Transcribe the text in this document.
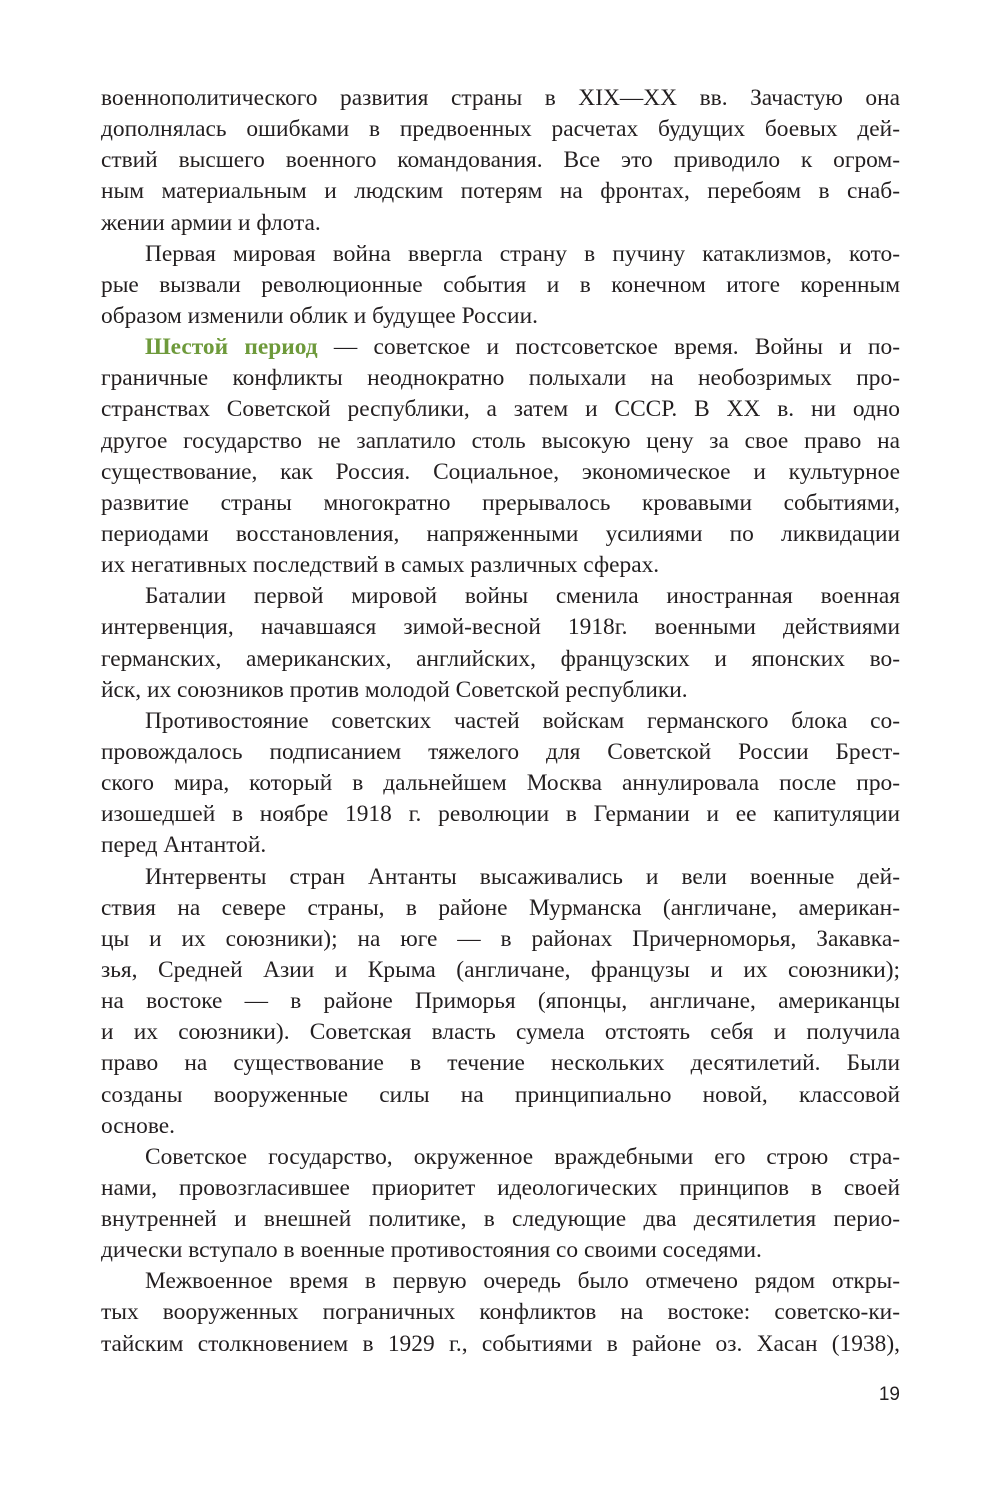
военнополитического развития страны в XIX—XX вв. Зачастую она
дополнялась ошибками в предвоенных расчетах будущих боевых дей-
ствий высшего военного командования. Все это приводило к огром-
ным материальным и людским потерям на фронтах, перебоям в снаб-
жении армии и флота.
Первая мировая война ввергла страну в пучину катаклизмов, кото-
рые вызвали революционные события и в конечном итоге коренным
образом изменили облик и будущее России.
Шестой период — советское и постсоветское время. Войны и по-
граничные конфликты неоднократно полыхали на необозримых про-
странствах Советской республики, а затем и СССР. В XX в. ни одно
другое государство не заплатило столь высокую цену за свое право на
существование, как Россия. Социальное, экономическое и культурное
развитие страны многократно прерывалось кровавыми событиями,
периодами восстановления, напряженными усилиями по ликвидации
их негативных последствий в самых различных сферах.
Баталии первой мировой войны сменила иностранная военная
интервенция, начавшаяся зимой-весной 1918г. военными действиями
германских, американских, английских, французских и японских во-
йск, их союзников против молодой Советской республики.
Противостояние советских частей войскам германского блока со-
провождалось подписанием тяжелого для Советской России Брест-
ского мира, который в дальнейшем Москва аннулировала после про-
изошедшей в ноябре 1918 г. революции в Германии и ее капитуляции
перед Антантой.
Интервенты стран Антанты высаживались и вели военные дей-
ствия на севере страны, в районе Мурманска (англичане, американ-
цы и их союзники); на юге — в районах Причерноморья, Закавка-
зья, Средней Азии и Крыма (англичане, французы и их союзники);
на востоке — в районе Приморья (японцы, англичане, американцы
и их союзники). Советская власть сумела отстоять себя и получила
право на существование в течение нескольких десятилетий. Были
созданы вооруженные силы на принципиально новой, классовой
основе.
Советское государство, окруженное враждебными его строю стра-
нами, провозгласившее приоритет идеологических принципов в своей
внутренней и внешней политике, в следующие два десятилетия перио-
дически вступало в военные противостояния со своими соседями.
Межвоенное время в первую очередь было отмечено рядом откры-
тых вооруженных пограничных конфликтов на востоке: советско-ки-
тайским столкновением в 1929 г., событиями в районе оз. Хасан (1938),
19
